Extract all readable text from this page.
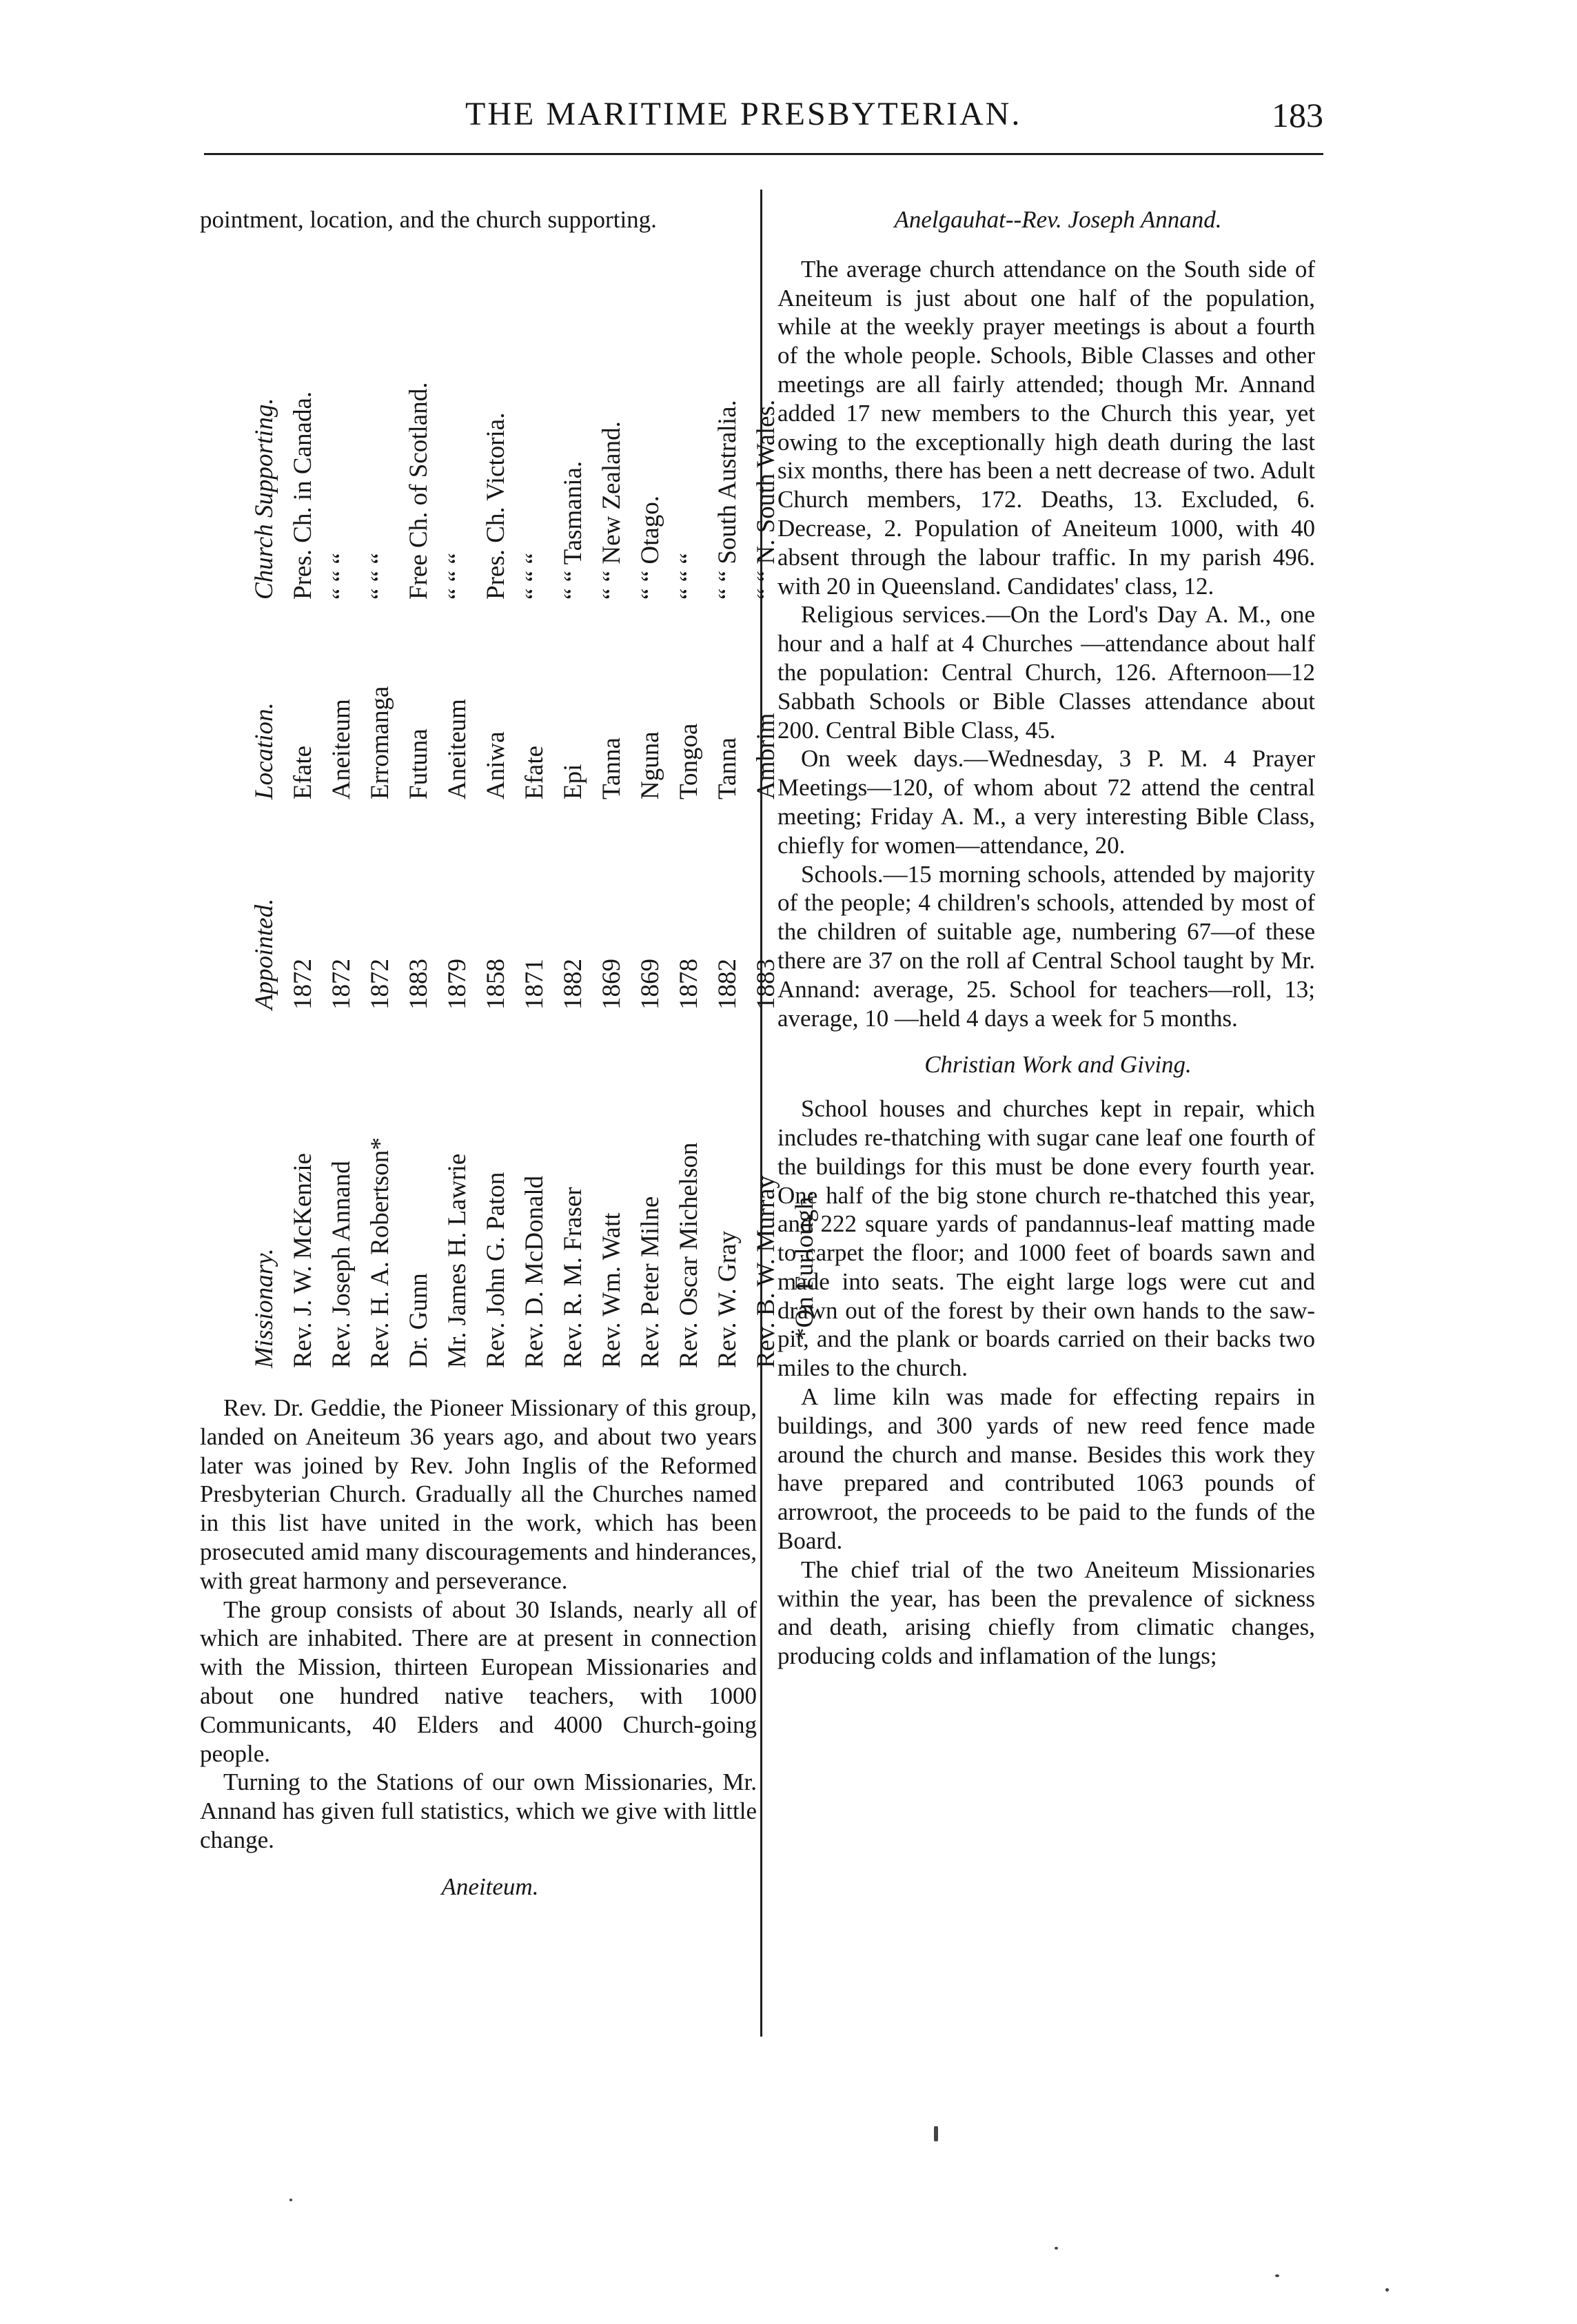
THE MARITIME PRESBYTERIAN.	183

pointment, location, and the church supporting.

Missionary.
Appointed.
Location.
Church Supporting.
Rev. J. W. McKenzie
1872
Efate
Pres. Ch. in Canada.
Rev. Joseph Annand
1872
Aneiteum
“ “ “
Rev. H. A. Robertson*
1872
Erromanga
“ “ “
Dr. Gunn
1883
Futuna
Free Ch. of Scotland.
Mr. James H. Lawrie
1879
Aneiteum
“ “ “
Rev. John G. Paton
1858
Aniwa
Pres. Ch. Victoria.
Rev. D. McDonald
1871
Efate
“ “ “
Rev. R. M. Fraser
1882
Epi
“ “ Tasmania.
Rev. Wm. Watt
1869
Tanna
“ “ New Zealand.
Rev. Peter Milne
1869
Nguna
“ “ Otago.
Rev. Oscar Michelson
1878
Tongoa
“ “ “
Rev. W. Gray
1882
Tanna
“ “ South Australia.
Rev. B. W. Murray
1883
Ambrim
“ “ N. South Wales.
*On Furlough.

Rev. Dr. Geddie, the Pioneer Missionary of this group, landed on Aneiteum 36 years ago, and about two years later was joined by Rev. John Inglis of the Reformed Presbyterian Church. Gradually all the Churches named in this list have united in the work, which has been prosecuted amid many discouragements and hinderances, with great harmony and perseverance.

The group consists of about 30 Islands, nearly all of which are inhabited. There are at present in connection with the Mission, thirteen European Missionaries and about one hundred native teachers, with 1000 Communicants, 40 Elders and 4000 Church-going people.

Turning to the Stations of our own Missionaries, Mr. Annand has given full statistics, which we give with little change.

Aneiteum.

Anelgauhat--Rev. Joseph Annand.

The average church attendance on the South side of Aneiteum is just about one half of the population, while at the weekly prayer meetings is about a fourth of the whole people. Schools, Bible Classes and other meetings are all fairly attended; though Mr. Annand added 17 new members to the Church this year, yet owing to the exceptionally high death during the last six months, there has been a nett decrease of two. Adult Church members, 172. Deaths, 13. Excluded, 6. Decrease, 2. Population of Aneiteum 1000, with 40 absent through the labour traffic. In my parish 496. with 20 in Queensland. Candidates' class, 12.

Religious services.—On the Lord's Day A. M., one hour and a half at 4 Churches —attendance about half the population: Central Church, 126. Afternoon—12 Sabbath Schools or Bible Classes attendance about 200. Central Bible Class, 45.

On week days.—Wednesday, 3 P. M. 4 Prayer Meetings—120, of whom about 72 attend the central meeting; Friday A. M., a very interesting Bible Class, chiefly for women—attendance, 20.

Schools.—15 morning schools, attended by majority of the people; 4 children's schools, attended by most of the children of suitable age, numbering 67—of these there are 37 on the roll af Central School taught by Mr. Annand: average, 25. School for teachers—roll, 13; average, 10 —held 4 days a week for 5 months.

Christian Work and Giving.

School houses and churches kept in repair, which includes re-thatching with sugar cane leaf one fourth of the buildings for this must be done every fourth year. One half of the big stone church re-thatched this year, and 222 square yards of pandannus-leaf matting made to carpet the floor; and 1000 feet of boards sawn and made into seats. The eight large logs were cut and drawn out of the forest by their own hands to the saw-pit, and the plank or boards carried on their backs two miles to the church.

A lime kiln was made for effecting repairs in buildings, and 300 yards of new reed fence made around the church and manse. Besides this work they have prepared and contributed 1063 pounds of arrowroot, the proceeds to be paid to the funds of the Board.

The chief trial of the two Aneiteum Missionaries within the year, has been the prevalence of sickness and death, arising chiefly from climatic changes, producing colds and inflamation of the lungs;
